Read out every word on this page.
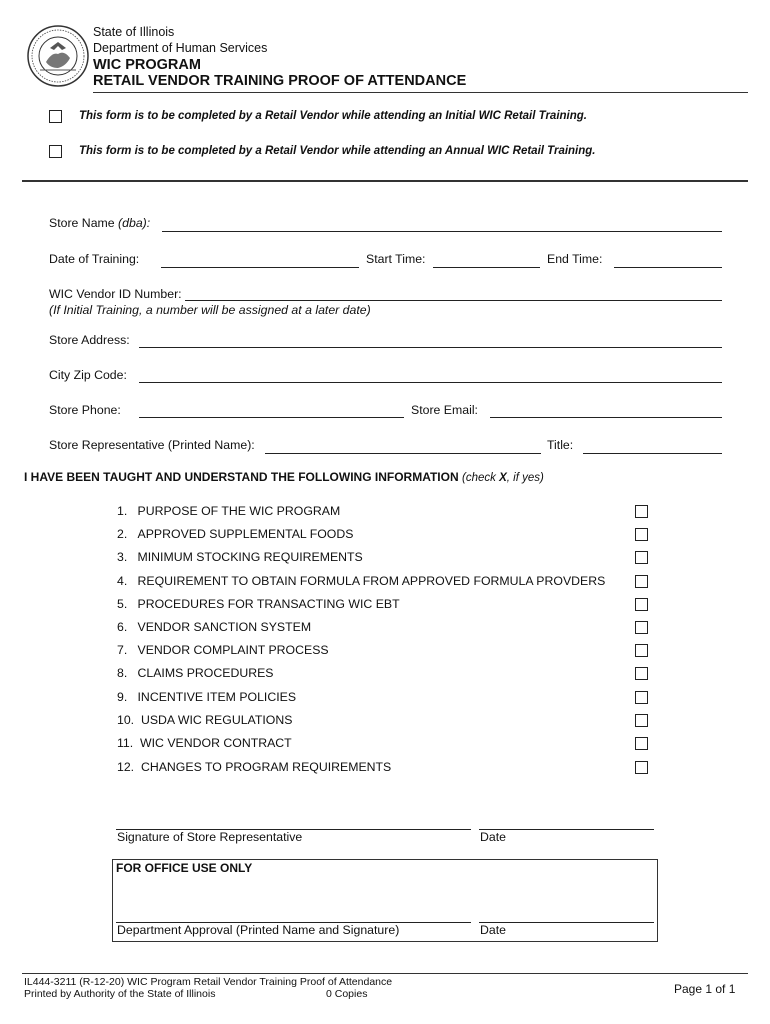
State of Illinois
Department of Human Services
WIC PROGRAM
RETAIL VENDOR TRAINING PROOF OF ATTENDANCE
This form is to be completed by a Retail Vendor while attending an Initial WIC Retail Training.
This form is to be completed by a Retail Vendor while attending an Annual WIC Retail Training.
Store Name (dba):
Date of Training:	Start Time:	End Time:
WIC Vendor ID Number:
(If Initial Training, a number will be assigned at a later date)
Store Address:
City Zip Code:
Store Phone:	Store Email:
Store Representative (Printed Name):	Title:
I HAVE BEEN TAUGHT AND UNDERSTAND THE FOLLOWING INFORMATION (check X, if yes)
1. PURPOSE OF THE WIC PROGRAM
2. APPROVED SUPPLEMENTAL FOODS
3. MINIMUM STOCKING REQUIREMENTS
4. REQUIREMENT TO OBTAIN FORMULA FROM APPROVED FORMULA PROVDERS
5. PROCEDURES FOR TRANSACTING WIC EBT
6. VENDOR SANCTION SYSTEM
7. VENDOR COMPLAINT PROCESS
8. CLAIMS PROCEDURES
9. INCENTIVE ITEM POLICIES
10. USDA WIC REGULATIONS
11. WIC VENDOR CONTRACT
12. CHANGES TO PROGRAM REQUIREMENTS
Signature of Store Representative	Date
FOR OFFICE USE ONLY
Department Approval (Printed Name and Signature)	Date
IL444-3211 (R-12-20) WIC Program Retail Vendor Training Proof of Attendance
Printed by Authority of the State of Illinois	0 Copies	Page 1 of 1
